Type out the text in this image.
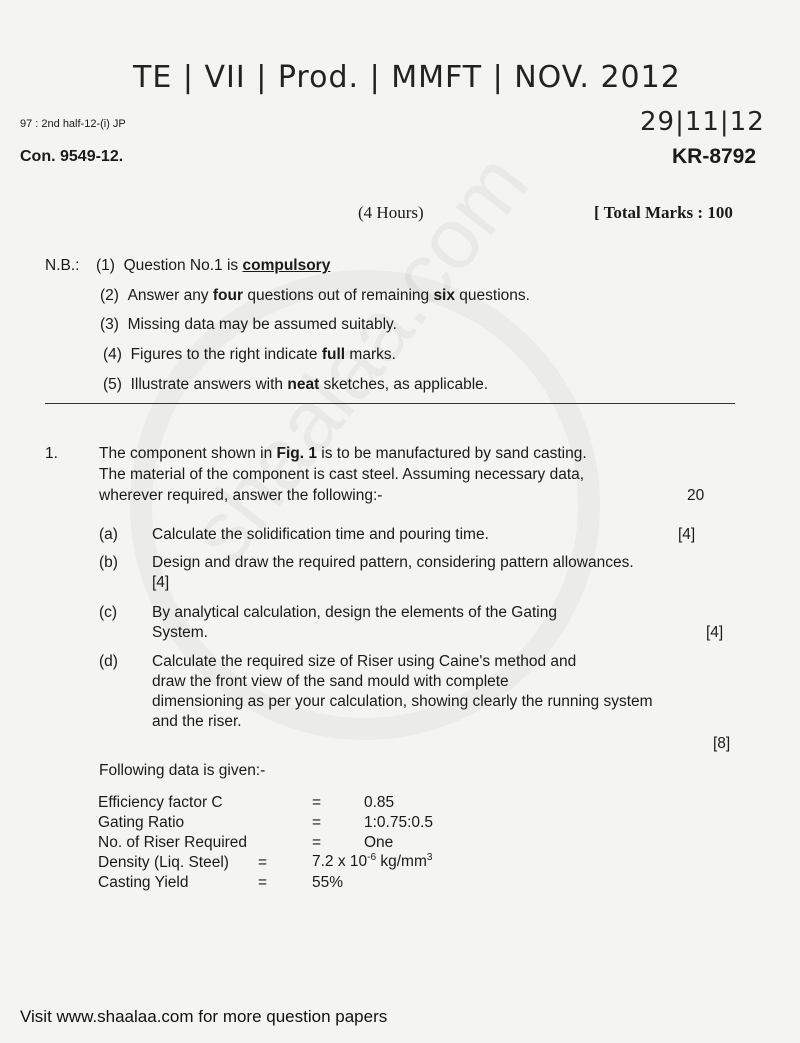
TE | VII | Prod. | MMFT | NOV. 2012
29|11|12
97 : 2nd half-12-(i) JP
Con. 9549-12.	KR-8792
(4 Hours)	[ Total Marks : 100
N.B.: (1) Question No.1 is compulsory
(2) Answer any four questions out of remaining six questions.
(3) Missing data may be assumed suitably.
(4) Figures to the right indicate full marks.
(5) Illustrate answers with neat sketches, as applicable.
1.	The component shown in Fig. 1 is to be manufactured by sand casting.
The material of the component is cast steel. Assuming necessary data,
wherever required, answer the following:-	20
(a) Calculate the solidification time and pouring time.	[4]
(b) Design and draw the required pattern, considering pattern allowances.
[4]
(c) By analytical calculation, design the elements of the Gating
System.	[4]
(d) Calculate the required size of Riser using Caine's method and
draw the front view of the sand mould with complete
dimensioning as per your calculation, showing clearly the running system
and the riser.
[8]
Following data is given:-
Efficiency factor C	=	0.85
Gating Ratio	=	1:0.75:0.5
No. of Riser Required	=	One
Density (Liq. Steel) =	7.2 x $10^{-6}$ $kg/mm^3$
Casting Yield	=	55%
Visit www.shaalaa.com for more question papers
